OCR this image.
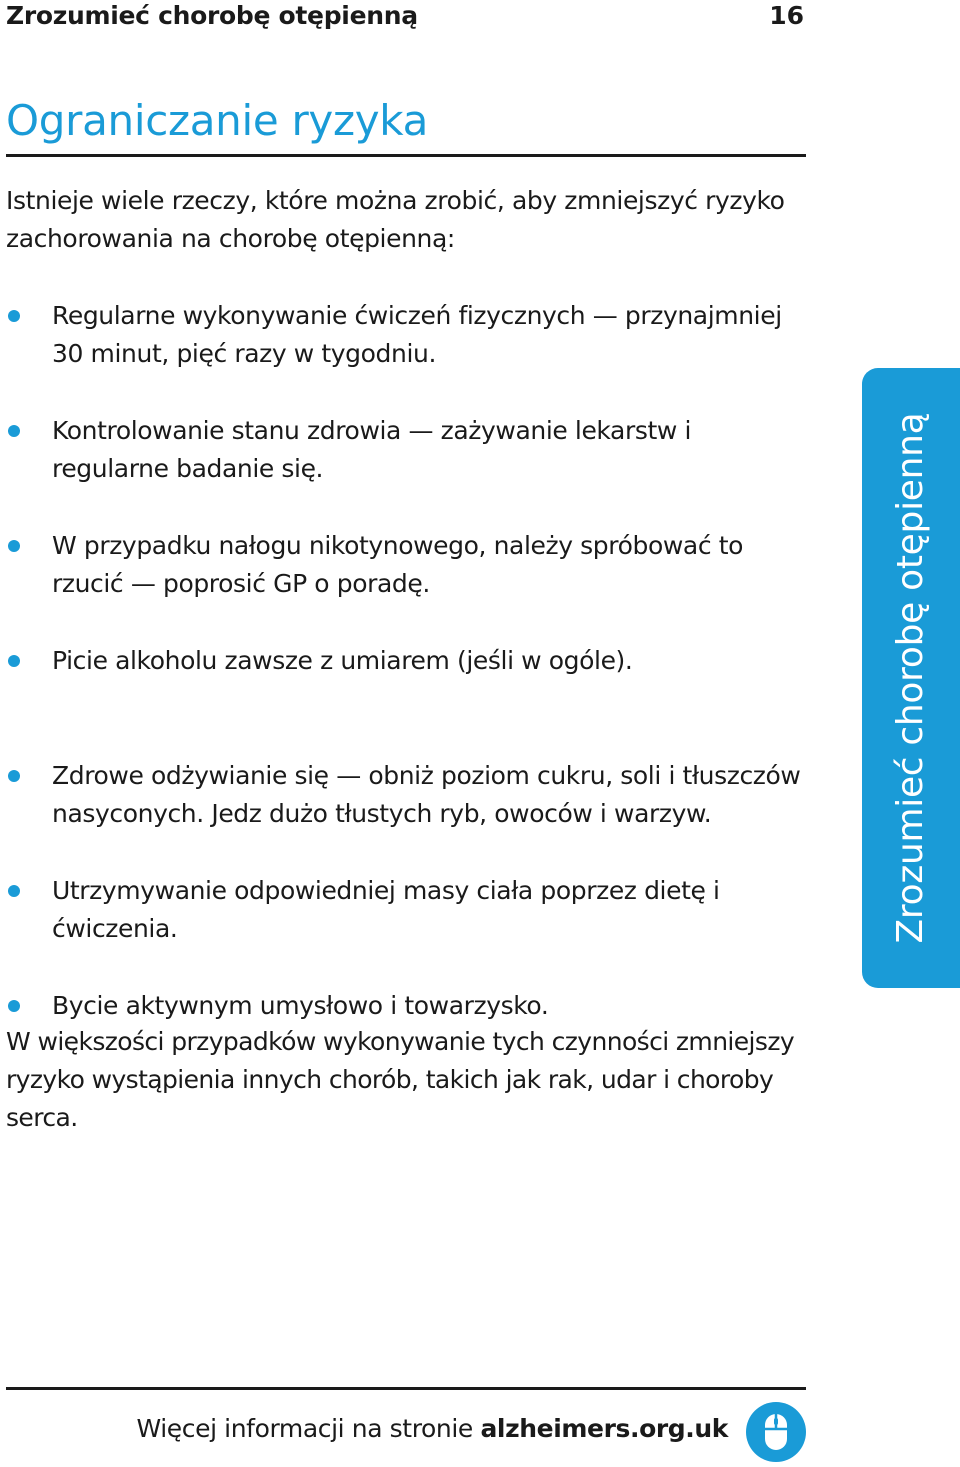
Zrozumieć chorobę otępienną	16
Ograniczanie ryzyka

Istnieje wiele rzeczy, które można zrobić, aby zmniejszyć ryzyko zachorowania na chorobę otępienną:

Regularne wykonywanie ćwiczeń fizycznych — przynajmniej 30 minut, pięć razy w tygodniu.
Kontrolowanie stanu zdrowia — zażywanie lekarstw i regularne badanie się.
W przypadku nałogu nikotynowego, należy spróbować to rzucić — poprosić GP o poradę.
Picie alkoholu zawsze z umiarem (jeśli w ogóle).
Zdrowe odżywianie się — obniż poziom cukru, soli i tłuszczów nasyconych. Jedz dużo tłustych ryb, owoców i warzyw.
Utrzymywanie odpowiedniej masy ciała poprzez dietę i ćwiczenia.
Bycie aktywnym umysłowo i towarzysko.
Zrozumieć chorobę otępienną

W większości przypadków wykonywanie tych czynności zmniejszy ryzyko wystąpienia innych chorób, takich jak rak, udar i choroby serca.

Więcej informacji na stronie alzheimers.org.uk
